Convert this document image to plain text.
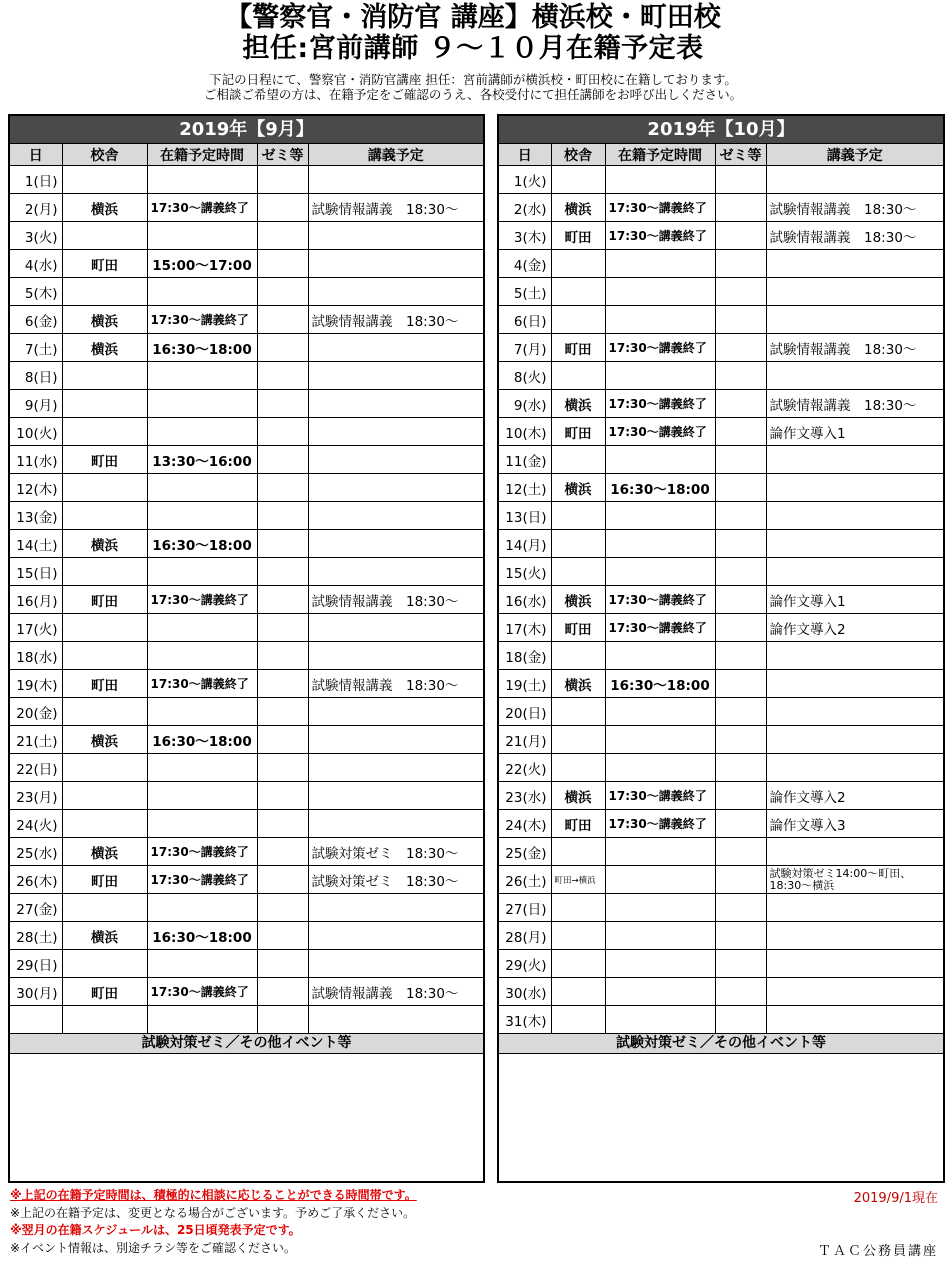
【警察官・消防官 講座】横浜校・町田校
担任:宮前講師 ９～１０月在籍予定表
下記の日程にて、警察官・消防官講座 担任：宮前講師が横浜校・町田校に在籍しております。
ご相談ご希望の方は、在籍予定をご確認のうえ、各校受付にて担任講師をお呼び出しください。
2019年【9月】
日	校舎	在籍予定時間	ゼミ等	講義予定
1(日)				
2(月)	横浜	17:30～講義終了		試験情報講義　18:30～
3(火)				
4(水)	町田	15:00～17:00		
5(木)				
6(金)	横浜	17:30～講義終了		試験情報講義　18:30～
7(土)	横浜	16:30～18:00		
8(日)				
9(月)				
10(火)				
11(水)	町田	13:30～16:00		
12(木)				
13(金)				
14(土)	横浜	16:30～18:00		
15(日)				
16(月)	町田	17:30～講義終了		試験情報講義　18:30～
17(火)				
18(水)				
19(木)	町田	17:30～講義終了		試験情報講義　18:30～
20(金)				
21(土)	横浜	16:30～18:00		
22(日)				
23(月)				
24(火)				
25(水)	横浜	17:30～講義終了		試験対策ゼミ　18:30～
26(木)	町田	17:30～講義終了		試験対策ゼミ　18:30～
27(金)				
28(土)	横浜	16:30～18:00		
29(日)				
30(月)	町田	17:30～講義終了		試験情報講義　18:30～

試験対策ゼミ／その他イベント等
2019年【10月】
日	校舎	在籍予定時間	ゼミ等	講義予定
1(火)				
2(水)	横浜	17:30～講義終了		試験情報講義　18:30～
3(木)	町田	17:30～講義終了		試験情報講義　18:30～
4(金)				
5(土)				
6(日)				
7(月)	町田	17:30～講義終了		試験情報講義　18:30～
8(火)				
9(水)	横浜	17:30～講義終了		試験情報講義　18:30～
10(木)	町田	17:30～講義終了		論作文導入1
11(金)				
12(土)	横浜	16:30～18:00		
13(日)				
14(月)				
15(火)				
16(水)	横浜	17:30～講義終了		論作文導入1
17(木)	町田	17:30～講義終了		論作文導入2
18(金)				
19(土)	横浜	16:30～18:00		
20(日)				
21(月)				
22(火)				
23(水)	横浜	17:30～講義終了		論作文導入2
24(木)	町田	17:30～講義終了		論作文導入3
25(金)				
26(土)	町田→横浜			試験対策ゼミ14:00～町田、18:30～横浜
27(日)				
28(月)				
29(火)				
30(水)				
31(木)				
試験対策ゼミ／その他イベント等
※上記の在籍予定時間は、積極的に相談に応じることができる時間帯です。
※上記の在籍予定は、変更となる場合がございます。予めご了承ください。
※翌月の在籍スケジュールは、25日頃発表予定です。
※イベント情報は、別途チラシ等をご確認ください。
2019/9/1現在
ＴＡＣ公務員講座
